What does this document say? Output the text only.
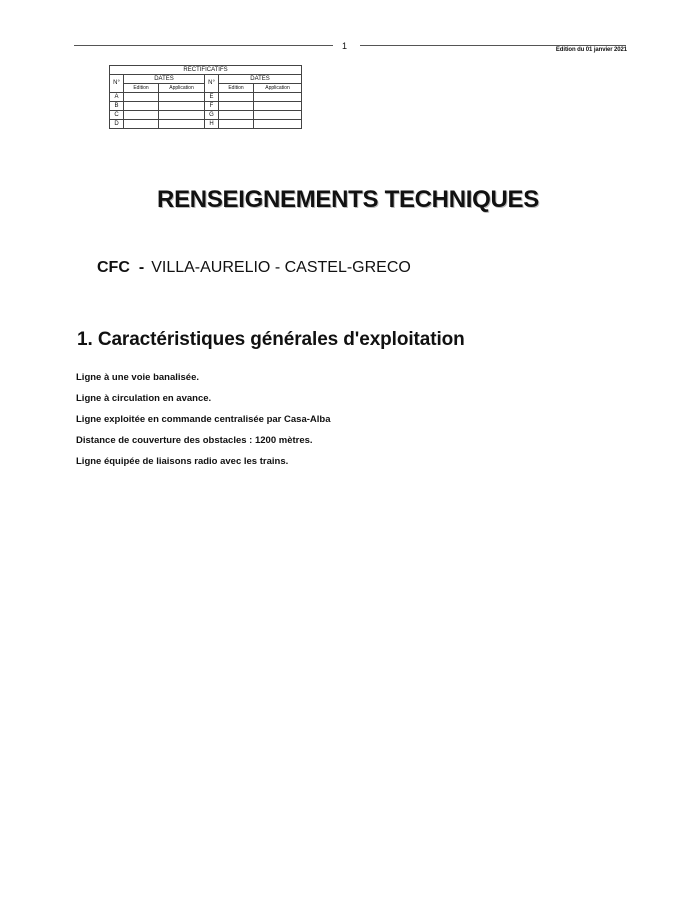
1	Edition du 01 janvier 2021
RECTIFICATIFS					
N°	DATES		N°	DATES	
	Edition	Application		Edition	Application
A			E		
B			F		
C			G		
D			H		
RENSEIGNEMENTS TECHNIQUES
CFC - VILLA-AURELIO - CASTEL-GRECO
1. Caractéristiques générales d'exploitation
Ligne à une voie banalisée.
Ligne à circulation en avance.
Ligne exploitée en commande centralisée par Casa-Alba
Distance de couverture des obstacles : 1200 mètres.
Ligne équipée de liaisons radio avec les trains.
